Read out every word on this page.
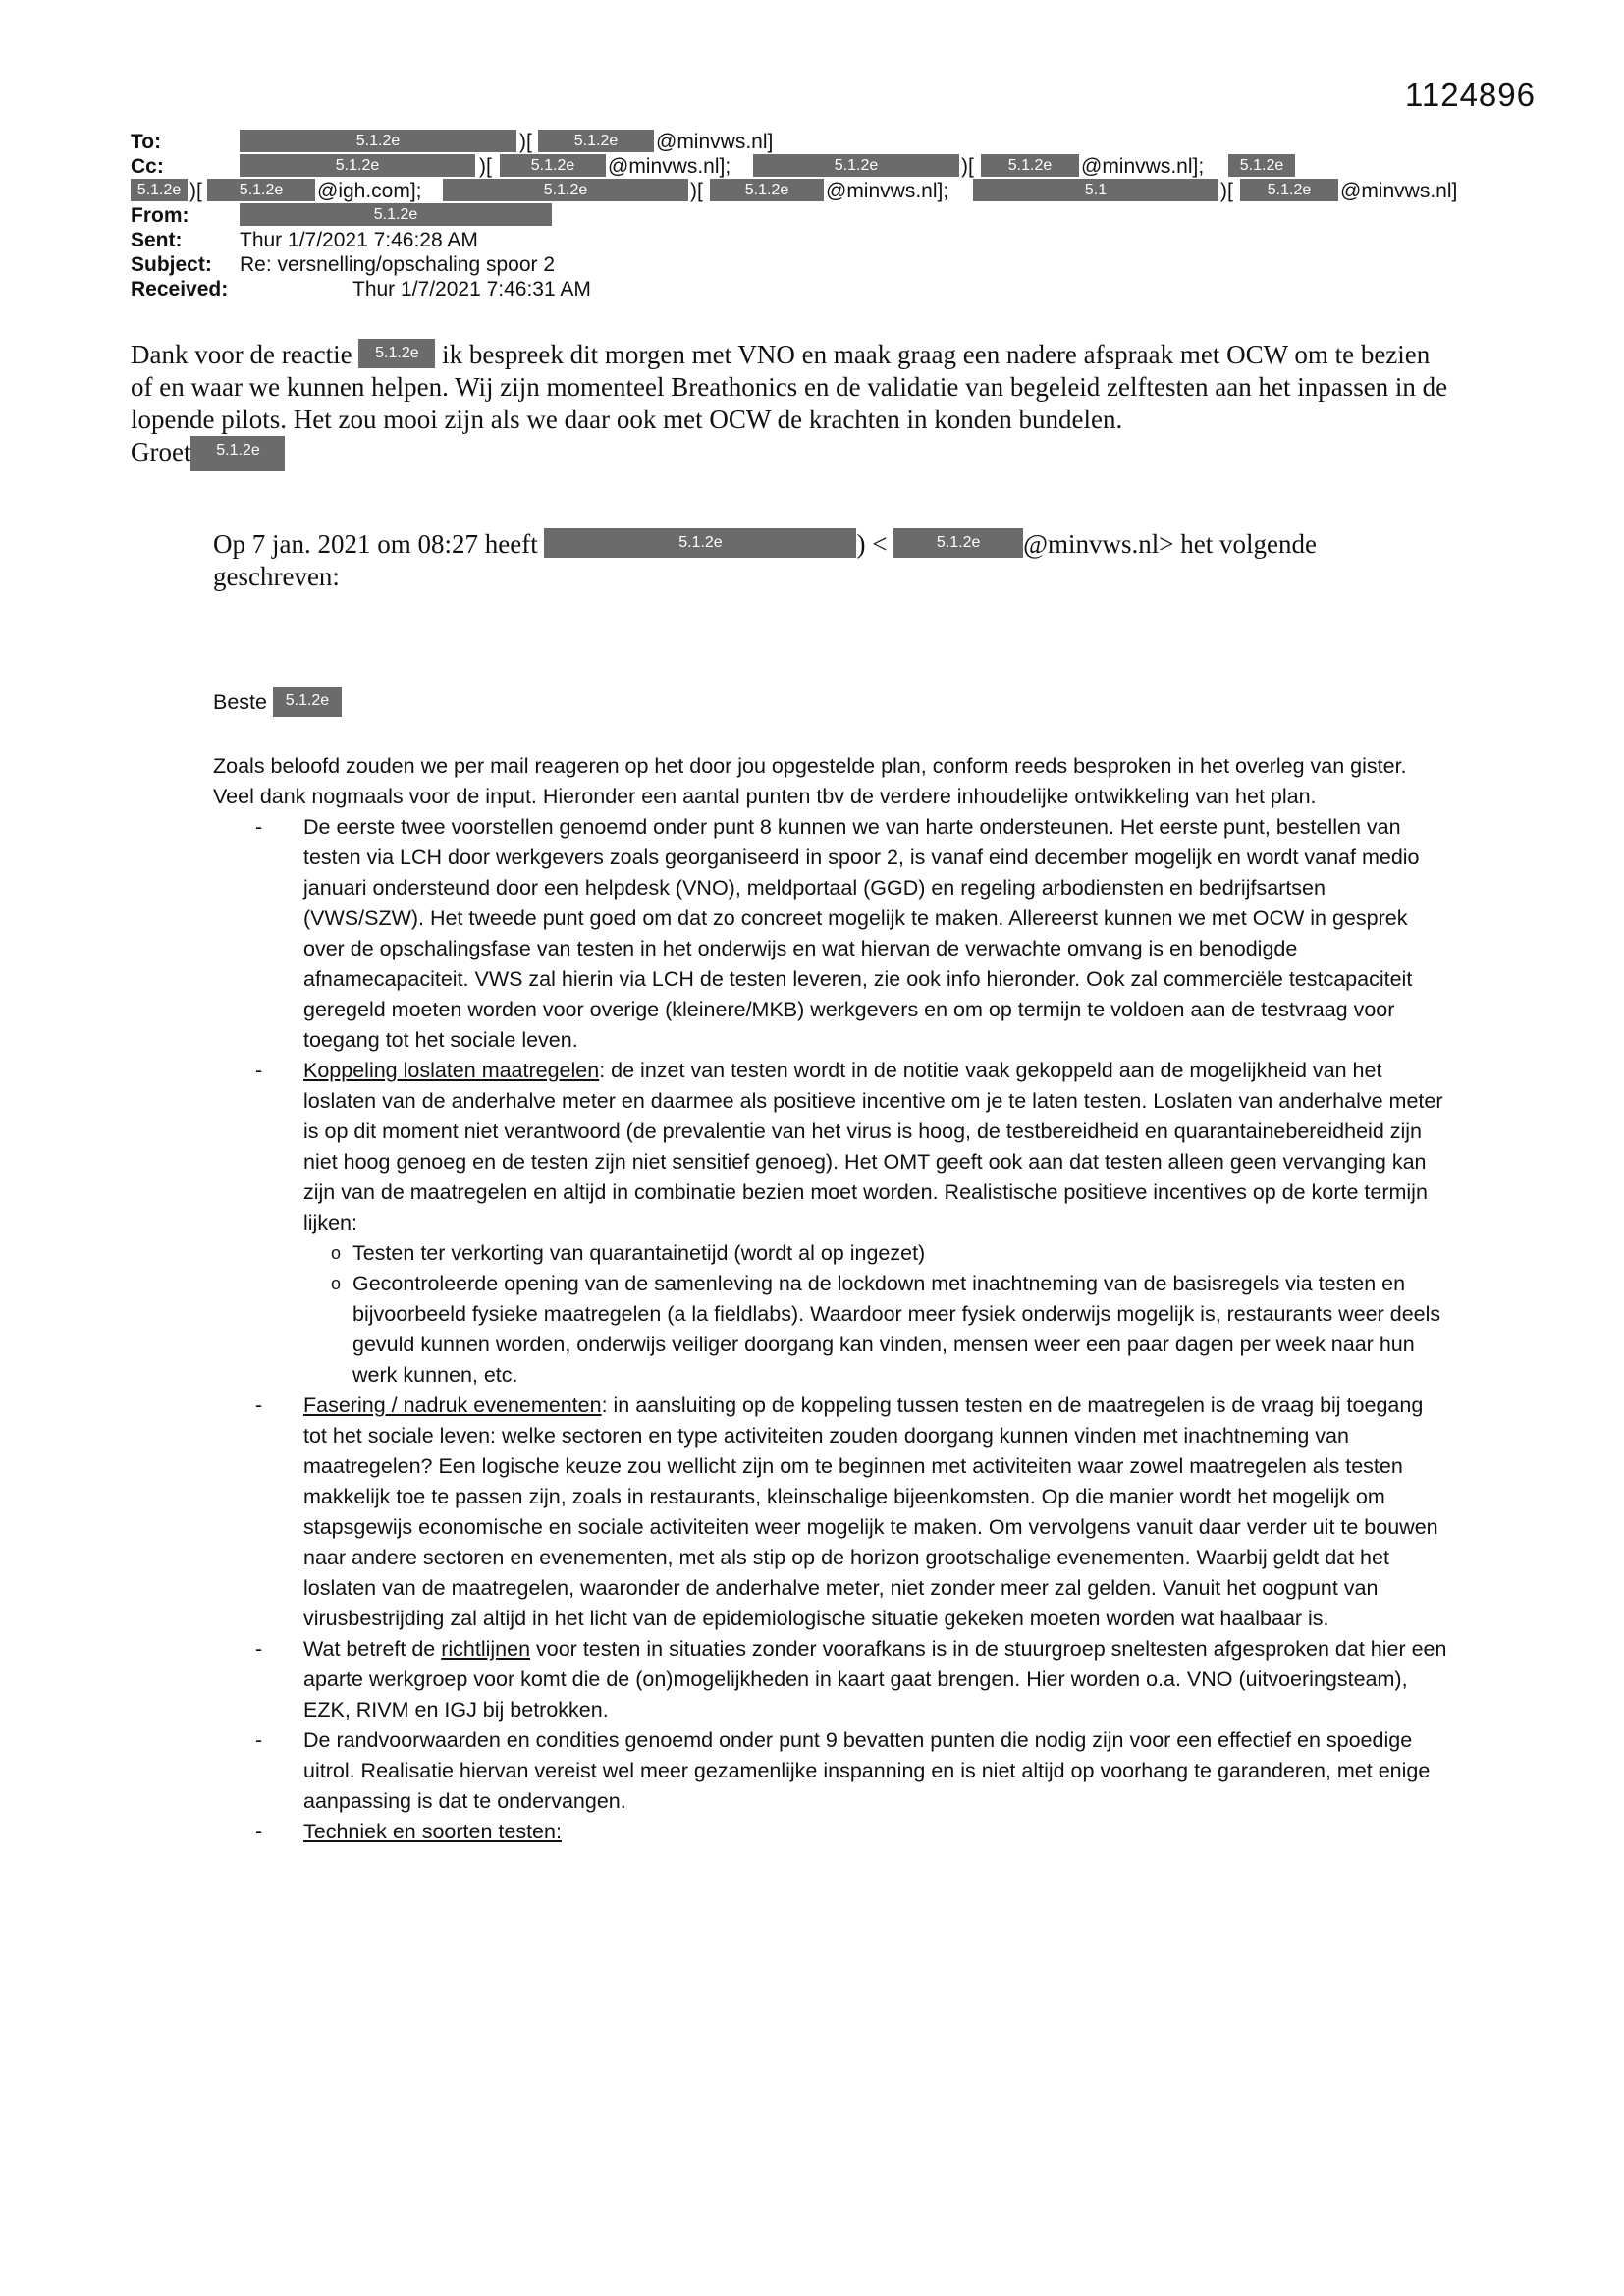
1124896
To:	5.1.2e	)[	5.1.2e	@minvws.nl]
Cc:	5.1.2e	)[	5.1.2e	@minvws.nl];	5.1.2e	)[	5.1.2e	@minvws.nl];	5.1.2e
5.1.2e )[	5.1.2e	@igh.com];	5.1.2e	)[	5.1.2e	@minvws.nl];	5.1	)[	5.1.2e	@minvws.nl]
From:	5.1.2e
Sent:	Thur 1/7/2021 7:46:28 AM
Subject: Re: versnelling/opschaling spoor 2
Received:	Thur 1/7/2021 7:46:31 AM
Dank voor de reactie 5.1.2e ik bespreek dit morgen met VNO en maak graag een nadere afspraak met OCW om te bezien
of en waar we kunnen helpen. Wij zijn momenteel Breathonics en de validatie van begeleid zelftesten aan het inpassen in de
lopende pilots. Het zou mooi zijn als we daar ook met OCW de krachten in konden bundelen.
Groet 5.1.2e
Op 7 jan. 2021 om 08:27 heeft	5.1.2e	) <	5.1.2e @minvws.nl> het volgende
geschreven:

Beste 5.1.2e

Zoals beloofd zouden we per mail reageren op het door jou opgestelde plan, conform reeds besproken in het overleg van gister. Veel dank nogmaals voor de input. Hieronder een aantal punten tbv de verdere inhoudelijke ontwikkeling van het plan.

- De eerste twee voorstellen genoemd onder punt 8 kunnen we van harte ondersteunen. Het eerste punt, bestellen van testen via LCH door werkgevers zoals georganiseerd in spoor 2, is vanaf eind december mogelijk en wordt vanaf medio januari ondersteund door een helpdesk (VNO), meldportaal (GGD) en regeling arbodiensten en bedrijfsartsen (VWS/SZW). Het tweede punt goed om dat zo concreet mogelijk te maken. Allereerst kunnen we met OCW in gesprek over de opschalingsfase van testen in het onderwijs en wat hiervan de verwachte omvang is en benodigde afnamecapaciteit. VWS zal hierin via LCH de testen leveren, zie ook info hieronder. Ook zal commerciële testcapaciteit geregeld moeten worden voor overige (kleinere/MKB) werkgevers en om op termijn te voldoen aan de testvraag voor toegang tot het sociale leven.
- Koppeling loslaten maatregelen: de inzet van testen wordt in de notitie vaak gekoppeld aan de mogelijkheid van het loslaten van de anderhalve meter en daarmee als positieve incentive om je te laten testen. Loslaten van anderhalve meter is op dit moment niet verantwoord (de prevalentie van het virus is hoog, de testbereidheid en quarantainebereidheid zijn niet hoog genoeg en de testen zijn niet sensitief genoeg). Het OMT geeft ook aan dat testen alleen geen vervanging kan zijn van de maatregelen en altijd in combinatie bezien moet worden. Realistische positieve incentives op de korte termijn lijken:
o Testen ter verkorting van quarantainetijd (wordt al op ingezet)
o Gecontroleerde opening van de samenleving na de lockdown met inachtneming van de basisregels via testen en bijvoorbeeld fysieke maatregelen (a la fieldlabs). Waardoor meer fysiek onderwijs mogelijk is, restaurants weer deels gevuld kunnen worden, onderwijs veiliger doorgang kan vinden, mensen weer een paar dagen per week naar hun werk kunnen, etc.
- Fasering / nadruk evenementen: in aansluiting op de koppeling tussen testen en de maatregelen is de vraag bij toegang tot het sociale leven: welke sectoren en type activiteiten zouden doorgang kunnen vinden met inachtneming van maatregelen? Een logische keuze zou wellicht zijn om te beginnen met activiteiten waar zowel maatregelen als testen makkelijk toe te passen zijn, zoals in restaurants, kleinschalige bijeenkomsten. Op die manier wordt het mogelijk om stapsgewijs economische en sociale activiteiten weer mogelijk te maken. Om vervolgens vanuit daar verder uit te bouwen naar andere sectoren en evenementen, met als stip op de horizon grootschalige evenementen. Waarbij geldt dat het loslaten van de maatregelen, waaronder de anderhalve meter, niet zonder meer zal gelden. Vanuit het oogpunt van virusbestrijding zal altijd in het licht van de epidemiologische situatie gekeken moeten worden wat haalbaar is.
- Wat betreft de richtlijnen voor testen in situaties zonder voorafkans is in de stuurgroep sneltesten afgesproken dat hier een aparte werkgroep voor komt die de (on)mogelijkheden in kaart gaat brengen. Hier worden o.a. VNO (uitvoeringsteam), EZK, RIVM en IGJ bij betrokken.
- De randvoorwaarden en condities genoemd onder punt 9 bevatten punten die nodig zijn voor een effectief en spoedige uitrol. Realisatie hiervan vereist wel meer gezamenlijke inspanning en is niet altijd op voorhang te garanderen, met enige aanpassing is dat te ondervangen.
- Techniek en soorten testen:
